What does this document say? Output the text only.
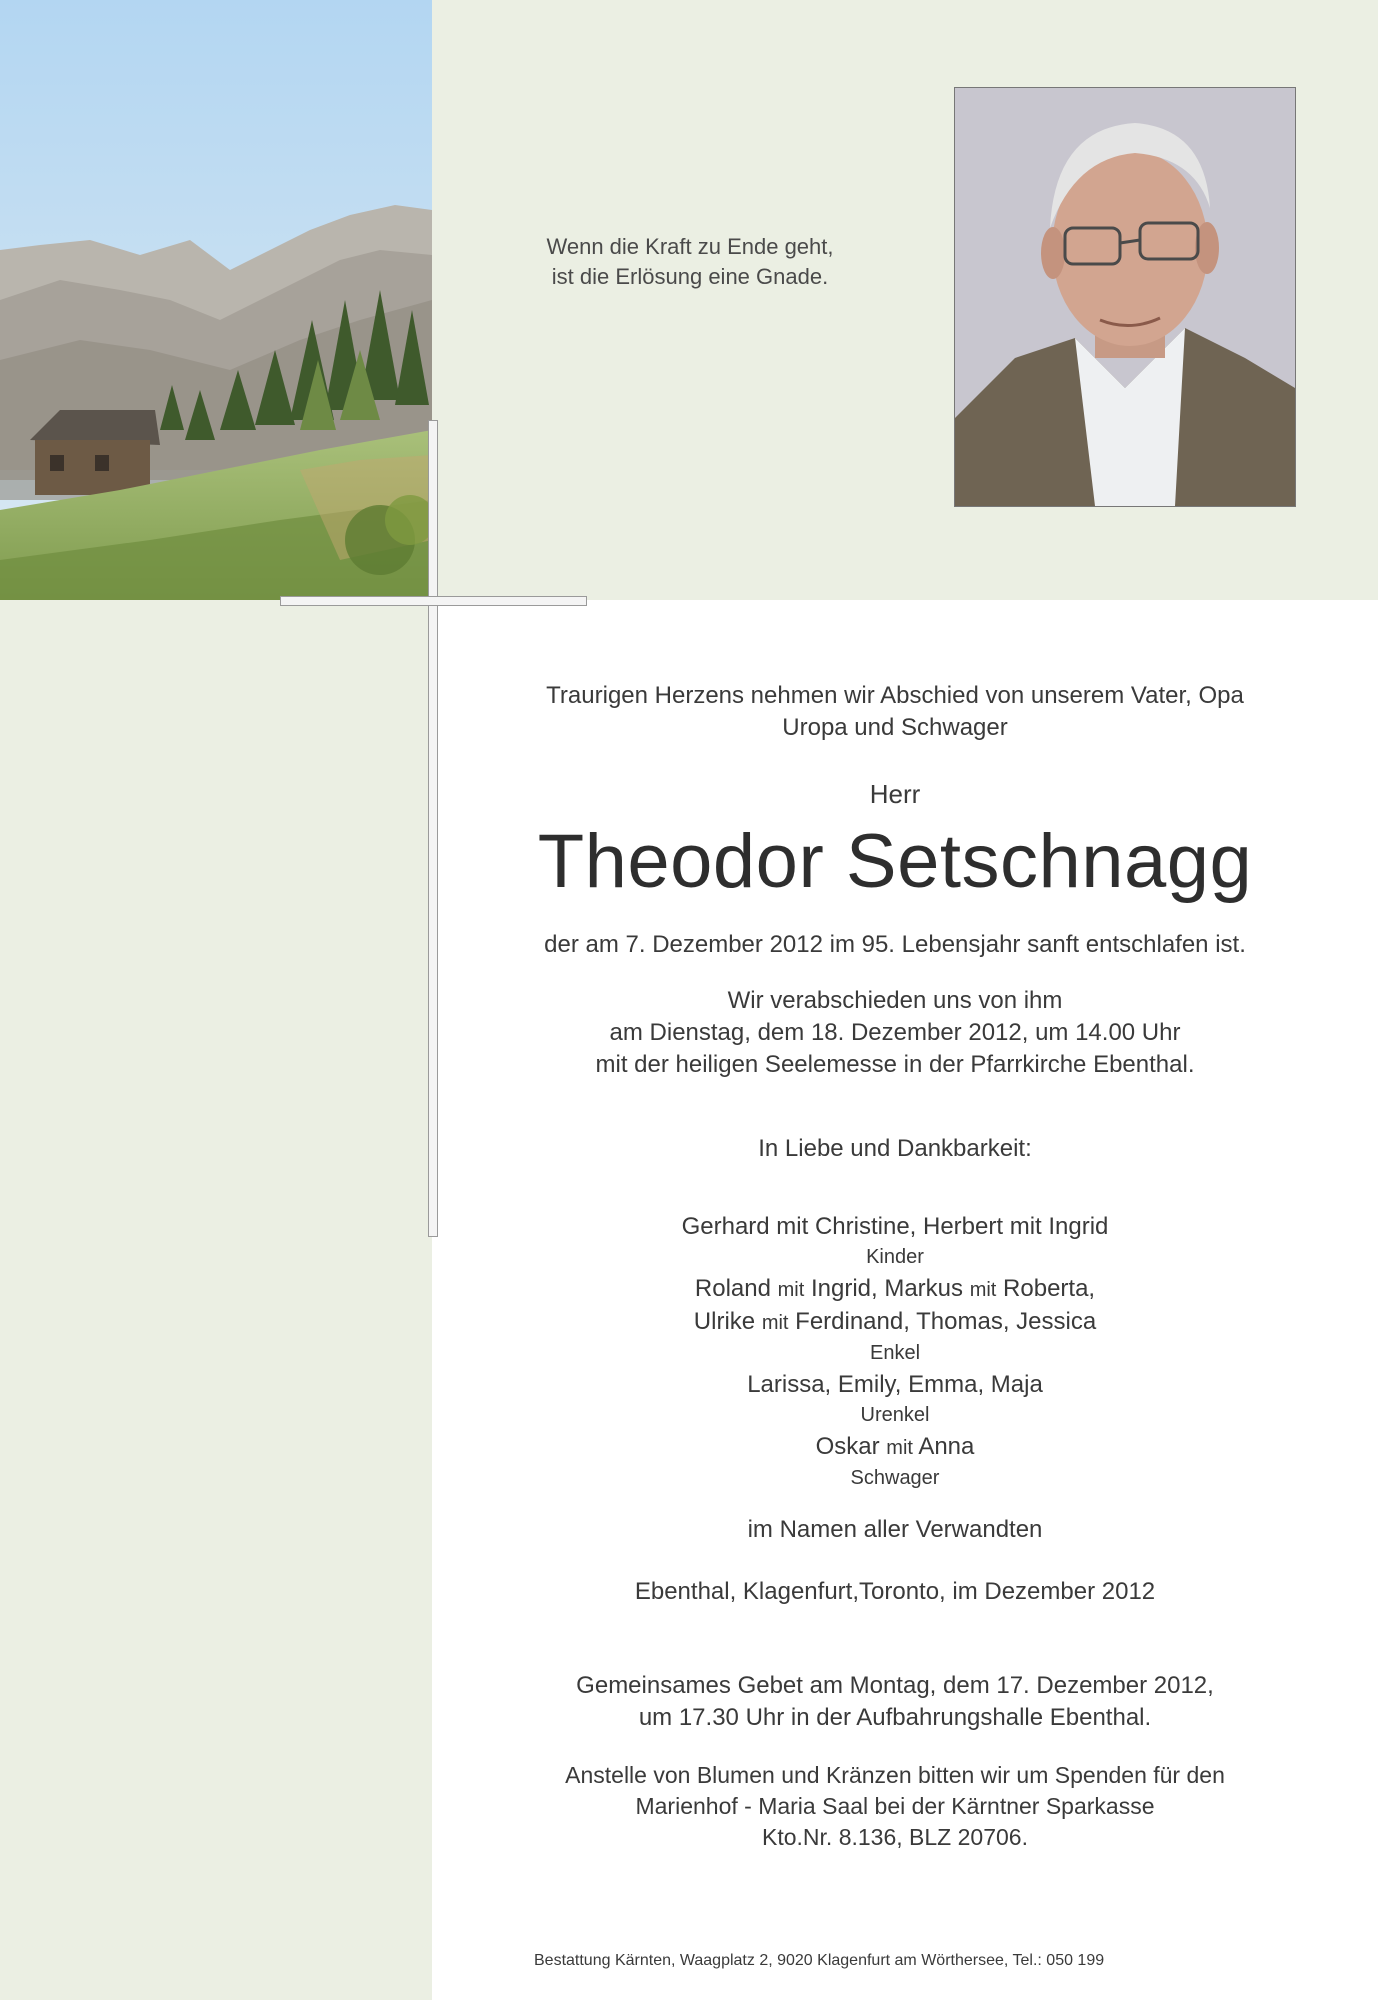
Wenn die Kraft zu Ende geht,
ist die Erlösung eine Gnade.
Traurigen Herzens nehmen wir Abschied von unserem Vater, Opa
Uropa und Schwager
Herr
Theodor Setschnagg
der am 7. Dezember 2012 im 95. Lebensjahr sanft entschlafen ist.
Wir verabschieden uns von ihm
am Dienstag, dem 18. Dezember 2012, um 14.00 Uhr
mit der heiligen Seelemesse in der Pfarrkirche Ebenthal.
In Liebe und Dankbarkeit:
Gerhard mit Christine, Herbert mit Ingrid
Kinder
Roland mit Ingrid, Markus mit Roberta,
Ulrike mit Ferdinand, Thomas, Jessica
Enkel
Larissa, Emily, Emma, Maja
Urenkel
Oskar mit Anna
Schwager
im Namen aller Verwandten
Ebenthal, Klagenfurt,Toronto, im Dezember 2012
Gemeinsames Gebet am Montag, dem 17. Dezember 2012,
um 17.30 Uhr in der Aufbahrungshalle Ebenthal.
Anstelle von Blumen und Kränzen bitten wir um Spenden für den
Marienhof - Maria Saal bei der Kärntner Sparkasse
Kto.Nr. 8.136, BLZ 20706.
Bestattung Kärnten, Waagplatz 2, 9020 Klagenfurt am Wörthersee, Tel.: 050 199
